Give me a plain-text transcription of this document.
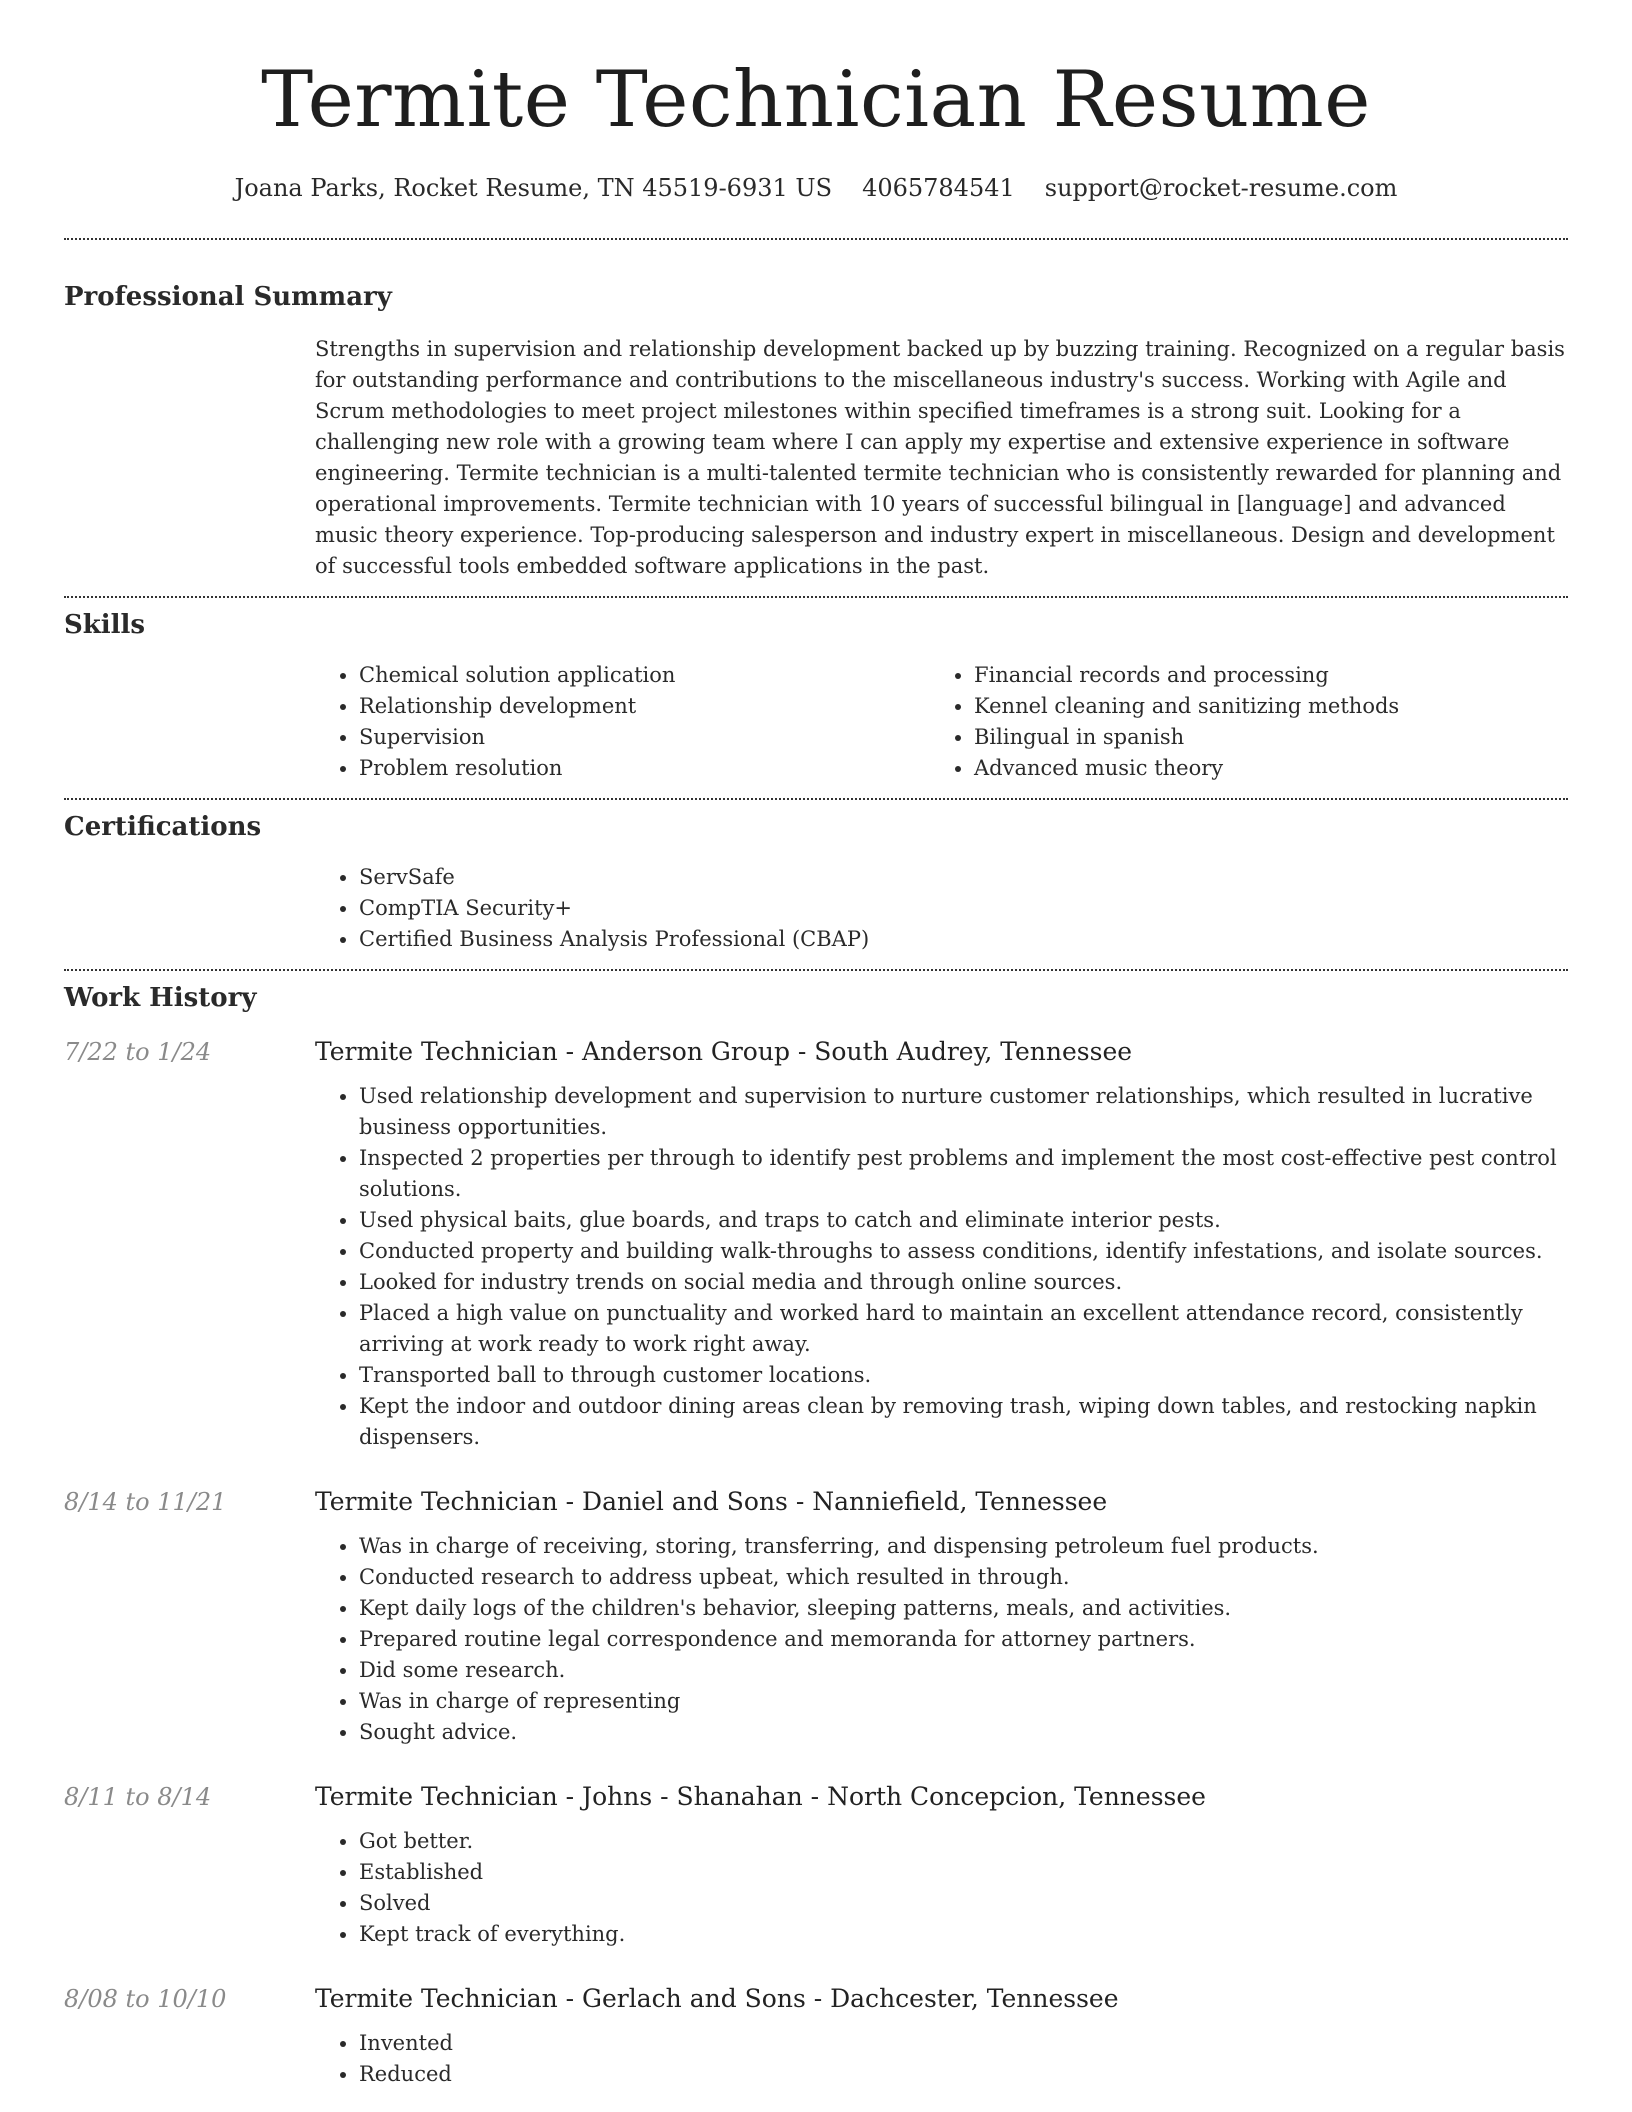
Termite Technician Resume
Joana Parks, Rocket Resume, TN 45519-6931 US 4065784541 support@rocket-resume.com
Professional Summary

Strengths in supervision and relationship development backed up by buzzing training. Recognized on a regular basis for outstanding performance and contributions to the miscellaneous industry's success. Working with Agile and Scrum methodologies to meet project milestones within specified timeframes is a strong suit. Looking for a challenging new role with a growing team where I can apply my expertise and extensive experience in software engineering. Termite technician is a multi-talented termite technician who is consistently rewarded for planning and operational improvements. Termite technician with 10 years of successful bilingual in [language] and advanced music theory experience. Top-producing salesperson and industry expert in miscellaneous. Design and development of successful tools embedded software applications in the past.

Skills
• Chemical solution application
• Relationship development
• Supervision
• Problem resolution
• Financial records and processing
• Kennel cleaning and sanitizing methods
• Bilingual in spanish
• Advanced music theory
Certifications
• ServSafe
• CompTIA Security+
• Certified Business Analysis Professional (CBAP)
Work History
7/22 to 1/24	Termite Technician - Anderson Group - South Audrey, Tennessee
• Used relationship development and supervision to nurture customer relationships, which resulted in lucrative business opportunities.
• Inspected 2 properties per through to identify pest problems and implement the most cost-effective pest control solutions.
• Used physical baits, glue boards, and traps to catch and eliminate interior pests.
• Conducted property and building walk-throughs to assess conditions, identify infestations, and isolate sources.
• Looked for industry trends on social media and through online sources.
• Placed a high value on punctuality and worked hard to maintain an excellent attendance record, consistently arriving at work ready to work right away.
• Transported ball to through customer locations.
• Kept the indoor and outdoor dining areas clean by removing trash, wiping down tables, and restocking napkin dispensers.
8/14 to 11/21	Termite Technician - Daniel and Sons - Nanniefield, Tennessee
• Was in charge of receiving, storing, transferring, and dispensing petroleum fuel products.
• Conducted research to address upbeat, which resulted in through.
• Kept daily logs of the children's behavior, sleeping patterns, meals, and activities.
• Prepared routine legal correspondence and memoranda for attorney partners.
• Did some research.
• Was in charge of representing
• Sought advice.
8/11 to 8/14	Termite Technician - Johns - Shanahan - North Concepcion, Tennessee
• Got better.
• Established
• Solved
• Kept track of everything.
8/08 to 10/10	Termite Technician - Gerlach and Sons - Dachcester, Tennessee
• Invented
• Reduced
